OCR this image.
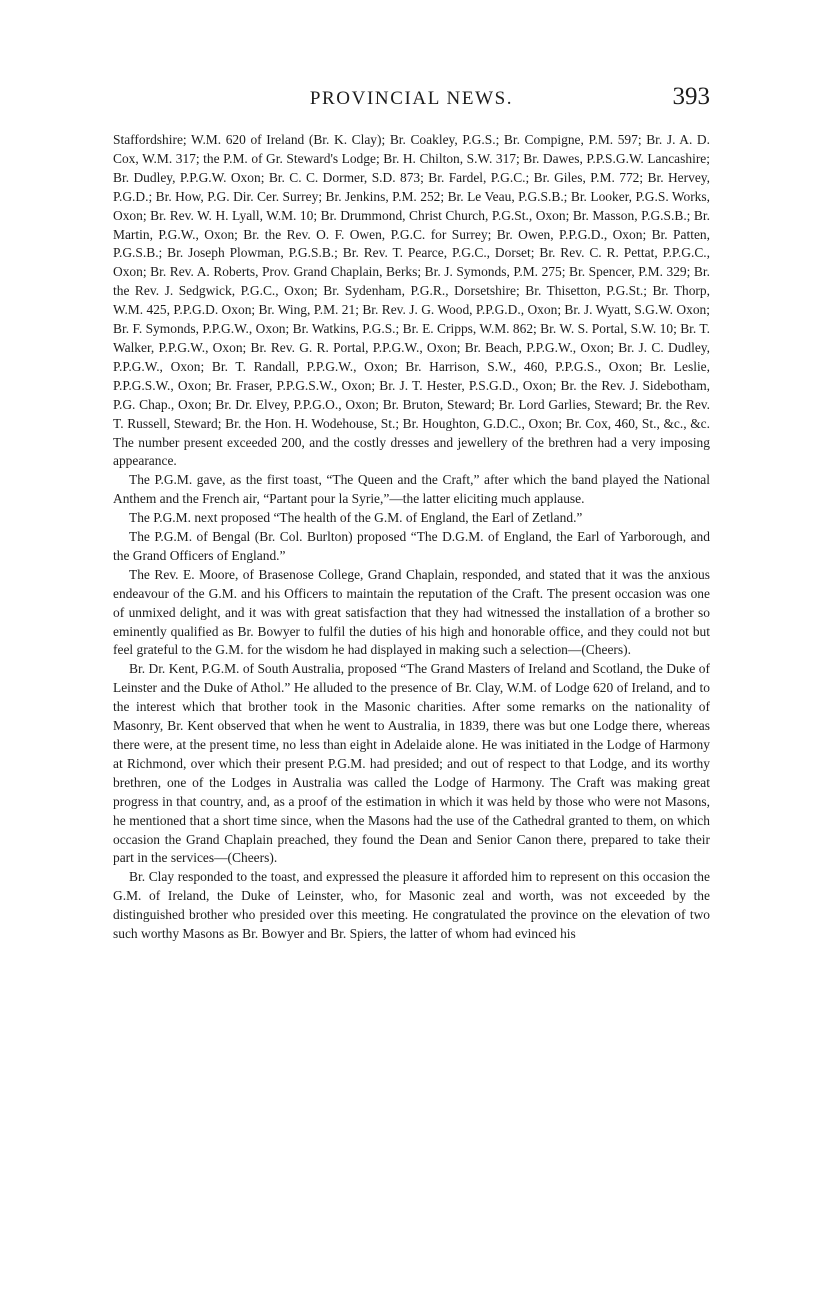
PROVINCIAL NEWS.	393

Staffordshire; W.M. 620 of Ireland (Br. K. Clay); Br. Coakley, P.G.S.; Br. Compigne, P.M. 597; Br. J. A. D. Cox, W.M. 317; the P.M. of Gr. Steward's Lodge; Br. H. Chilton, S.W. 317; Br. Dawes, P.P.S.G.W. Lancashire; Br. Dudley, P.P.G.W. Oxon; Br. C. C. Dormer, S.D. 873; Br. Fardel, P.G.C.; Br. Giles, P.M. 772; Br. Hervey, P.G.D.; Br. How, P.G. Dir. Cer. Surrey; Br. Jenkins, P.M. 252; Br. Le Veau, P.G.S.B.; Br. Looker, P.G.S. Works, Oxon; Br. Rev. W. H. Lyall, W.M. 10; Br. Drummond, Christ Church, P.G.St., Oxon; Br. Masson, P.G.S.B.; Br. Martin, P.G.W., Oxon; Br. the Rev. O. F. Owen, P.G.C. for Surrey; Br. Owen, P.P.G.D., Oxon; Br. Patten, P.G.S.B.; Br. Joseph Plowman, P.G.S.B.; Br. Rev. T. Pearce, P.G.C., Dorset; Br. Rev. C. R. Pettat, P.P.G.C., Oxon; Br. Rev. A. Roberts, Prov. Grand Chaplain, Berks; Br. J. Symonds, P.M. 275; Br. Spencer, P.M. 329; Br. the Rev. J. Sedgwick, P.G.C., Oxon; Br. Sydenham, P.G.R., Dorsetshire; Br. Thisetton, P.G.St.; Br. Thorp, W.M. 425, P.P.G.D. Oxon; Br. Wing, P.M. 21; Br. Rev. J. G. Wood, P.P.G.D., Oxon; Br. J. Wyatt, S.G.W. Oxon; Br. F. Symonds, P.P.G.W., Oxon; Br. Watkins, P.G.S.; Br. E. Cripps, W.M. 862; Br. W. S. Portal, S.W. 10; Br. T. Walker, P.P.G.W., Oxon; Br. Rev. G. R. Portal, P.P.G.W., Oxon; Br. Beach, P.P.G.W., Oxon; Br. J. C. Dudley, P.P.G.W., Oxon; Br. T. Randall, P.P.G.W., Oxon; Br. Harrison, S.W., 460, P.P.G.S., Oxon; Br. Leslie, P.P.G.S.W., Oxon; Br. Fraser, P.P.G.S.W., Oxon; Br. J. T. Hester, P.S.G.D., Oxon; Br. the Rev. J. Sidebotham, P.G. Chap., Oxon; Br. Dr. Elvey, P.P.G.O., Oxon; Br. Bruton, Steward; Br. Lord Garlies, Steward; Br. the Rev. T. Russell, Steward; Br. the Hon. H. Wodehouse, St.; Br. Houghton, G.D.C., Oxon; Br. Cox, 460, St., &c., &c. The number present exceeded 200, and the costly dresses and jewellery of the brethren had a very imposing appearance.

The P.G.M. gave, as the first toast, “The Queen and the Craft,” after which the band played the National Anthem and the French air, “Partant pour la Syrie,”—the latter eliciting much applause.

The P.G.M. next proposed “The health of the G.M. of England, the Earl of Zetland.”

The P.G.M. of Bengal (Br. Col. Burlton) proposed “The D.G.M. of England, the Earl of Yarborough, and the Grand Officers of England.”

The Rev. E. Moore, of Brasenose College, Grand Chaplain, responded, and stated that it was the anxious endeavour of the G.M. and his Officers to maintain the reputation of the Craft. The present occasion was one of unmixed delight, and it was with great satisfaction that they had witnessed the installation of a brother so eminently qualified as Br. Bowyer to fulfil the duties of his high and honorable office, and they could not but feel grateful to the G.M. for the wisdom he had displayed in making such a selection—(Cheers).

Br. Dr. Kent, P.G.M. of South Australia, proposed “The Grand Masters of Ireland and Scotland, the Duke of Leinster and the Duke of Athol.” He alluded to the presence of Br. Clay, W.M. of Lodge 620 of Ireland, and to the interest which that brother took in the Masonic charities. After some remarks on the nationality of Masonry, Br. Kent observed that when he went to Australia, in 1839, there was but one Lodge there, whereas there were, at the present time, no less than eight in Adelaide alone. He was initiated in the Lodge of Harmony at Richmond, over which their present P.G.M. had presided; and out of respect to that Lodge, and its worthy brethren, one of the Lodges in Australia was called the Lodge of Harmony. The Craft was making great progress in that country, and, as a proof of the estimation in which it was held by those who were not Masons, he mentioned that a short time since, when the Masons had the use of the Cathedral granted to them, on which occasion the Grand Chaplain preached, they found the Dean and Senior Canon there, prepared to take their part in the services—(Cheers).

Br. Clay responded to the toast, and expressed the pleasure it afforded him to represent on this occasion the G.M. of Ireland, the Duke of Leinster, who, for Masonic zeal and worth, was not exceeded by the distinguished brother who presided over this meeting. He congratulated the province on the elevation of two such worthy Masons as Br. Bowyer and Br. Spiers, the latter of whom had evinced his
